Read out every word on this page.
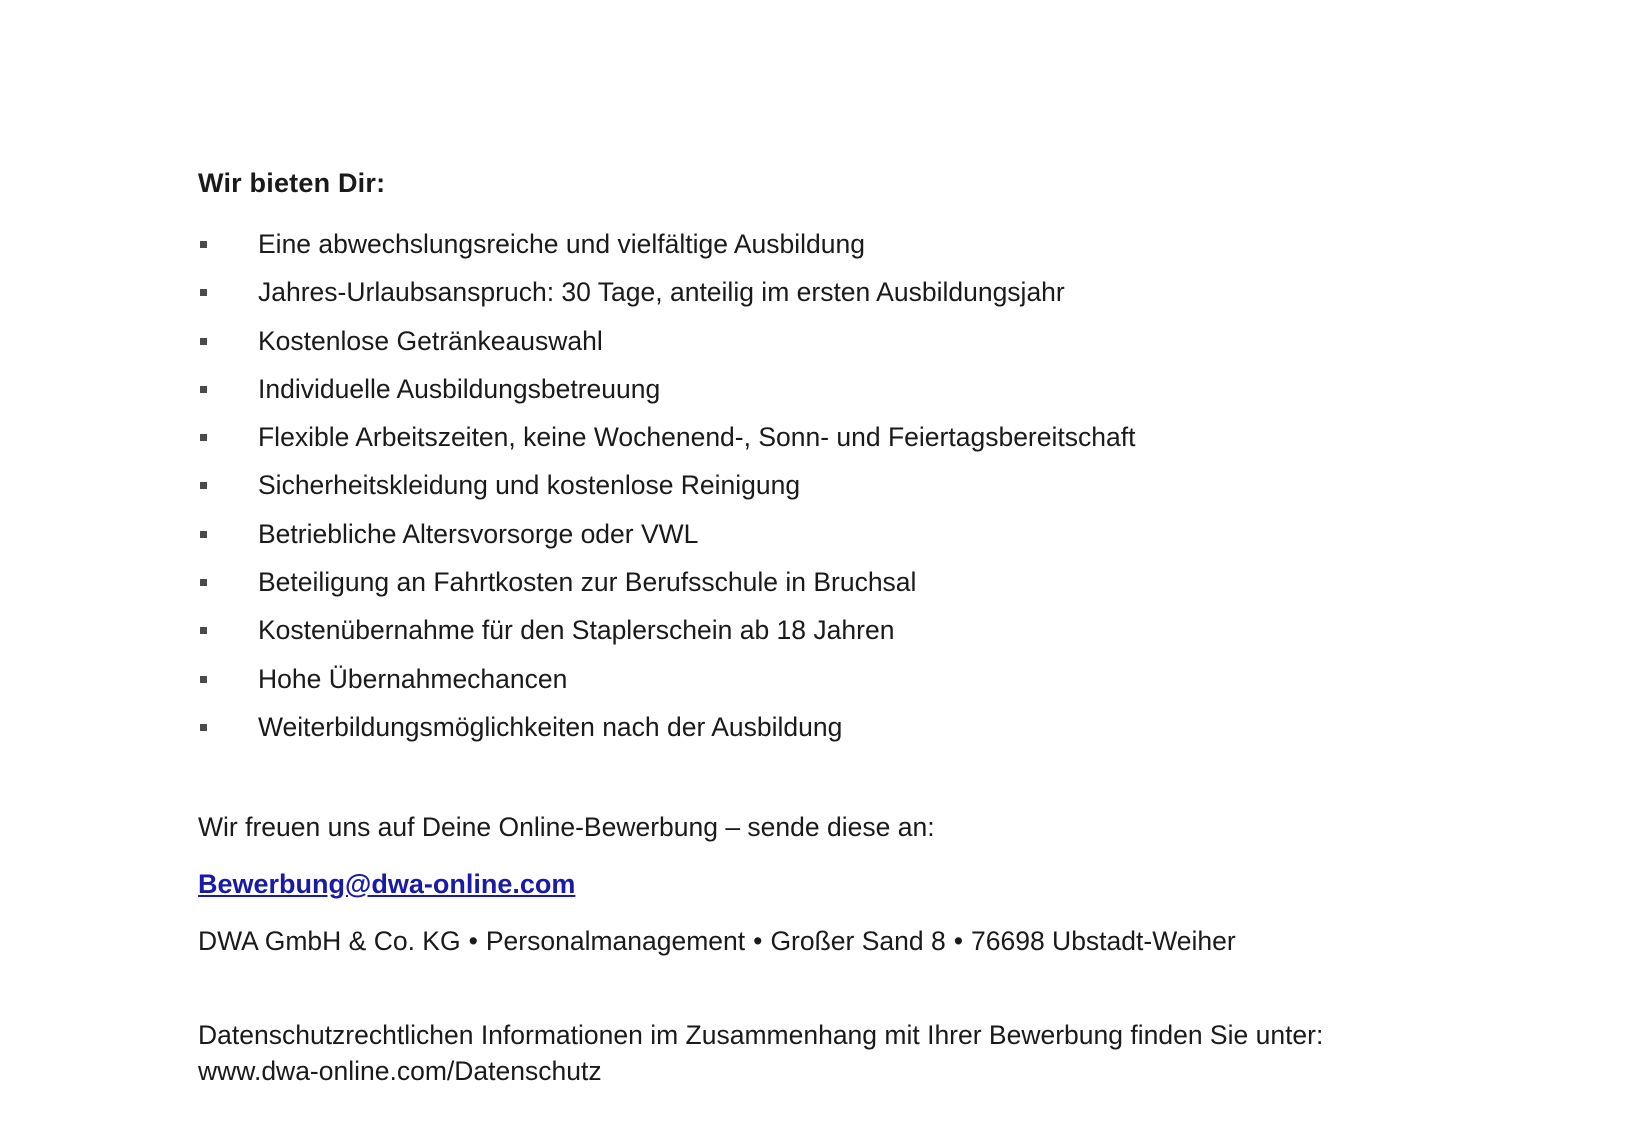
Wir bieten Dir:
Eine abwechslungsreiche und vielfältige Ausbildung
Jahres-Urlaubsanspruch: 30 Tage, anteilig im ersten Ausbildungsjahr
Kostenlose Getränkeauswahl
Individuelle Ausbildungsbetreuung
Flexible Arbeitszeiten, keine Wochenend-, Sonn- und Feiertagsbereitschaft
Sicherheitskleidung und kostenlose Reinigung
Betriebliche Altersvorsorge oder VWL
Beteiligung an Fahrtkosten zur Berufsschule in Bruchsal
Kostenübernahme für den Staplerschein ab 18 Jahren
Hohe Übernahmechancen
Weiterbildungsmöglichkeiten nach der Ausbildung
Wir freuen uns auf Deine Online-Bewerbung – sende diese an:
Bewerbung@dwa-online.com
DWA GmbH & Co. KG • Personalmanagement • Großer Sand 8 • 76698 Ubstadt-Weiher
Datenschutzrechtlichen Informationen im Zusammenhang mit Ihrer Bewerbung finden Sie unter:
www.dwa-online.com/Datenschutz
